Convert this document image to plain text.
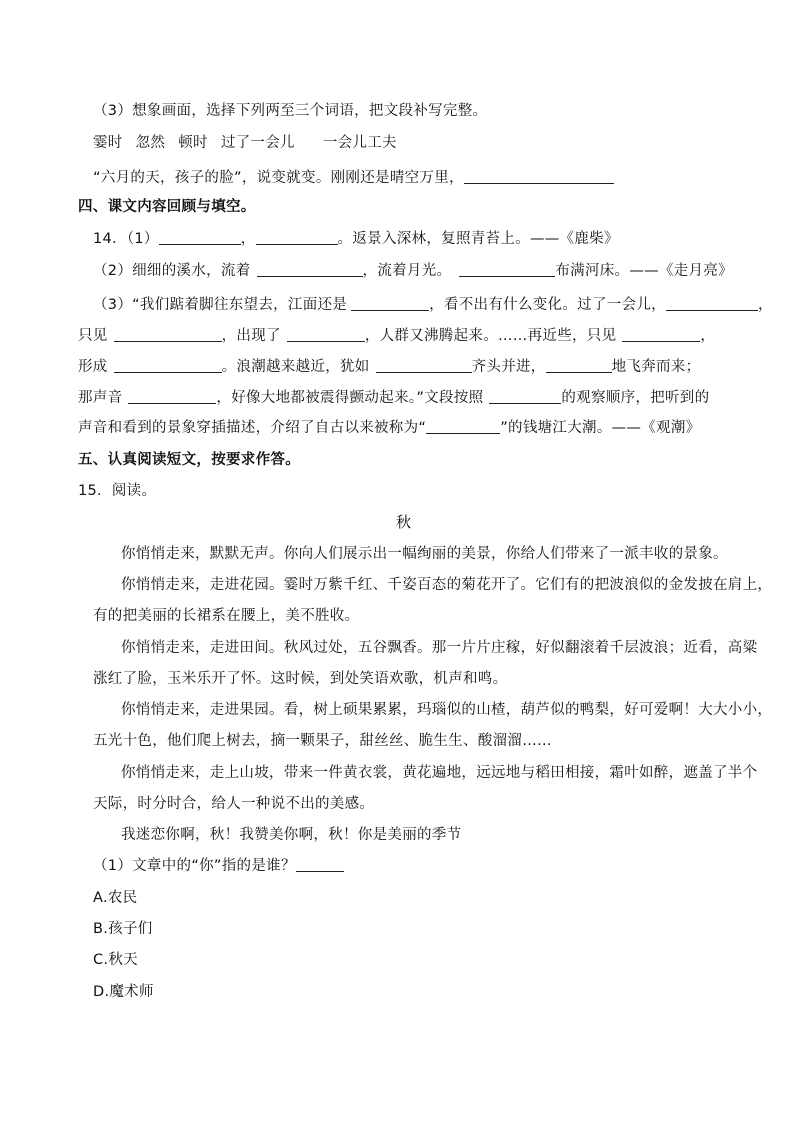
（3）想象画面，选择下列两至三个词语，把文段补写完整。
霎时 忽然 顿时 过了一会儿 一会儿工夫
“六月的天，孩子的脸”，说变就变。刚刚还是晴空万里，
四、课文内容回顾与填空。
14．（1）	，	。返景入深林，复照青苔上。——《鹿柴》
（2）细细的溪水，流着	，流着月光。	布满河床。——《走月亮》
（3）“我们踮着脚往东望去，江面还是	，看不出有什么变化。过了一会儿，	，
只见	，出现了	，人群又沸腾起来。……再近些，只见	，
形成	。浪潮越来越近，犹如	齐头并进，	地飞奔而来；
那声音	，好像大地都被震得颤动起来。”文段按照	的观察顺序，把听到的
声音和看到的景象穿插描述，介绍了自古以来被称为“	”的钱塘江大潮。——《观潮》
五、认真阅读短文，按要求作答。
15．阅读。
秋
你悄悄走来，默默无声。你向人们展示出一幅绚丽的美景，你给人们带来了一派丰收的景象。
你悄悄走来，走进花园。霎时万紫千红、千姿百态的菊花开了。它们有的把波浪似的金发披在肩上，
有的把美丽的长裙系在腰上，美不胜收。
你悄悄走来，走进田间。秋风过处，五谷飘香。那一片片庄稼，好似翻滚着千层波浪；近看，高粱
涨红了脸，玉米乐开了怀。这时候，到处笑语欢歌，机声和鸣。
你悄悄走来，走进果园。看，树上硕果累累，玛瑙似的山楂，葫芦似的鸭梨，好可爱啊！大大小小，
五光十色，他们爬上树去，摘一颗果子，甜丝丝、脆生生、酸溜溜……
你悄悄走来，走上山坡，带来一件黄衣裳，黄花遍地，远远地与稻田相接，霜叶如醉，遮盖了半个
天际，时分时合，给人一种说不出的美感。
我迷恋你啊，秋！我赞美你啊，秋！你是美丽的季节
（1）文章中的“你”指的是谁？
A.农民
B.孩子们
C.秋天
D.魔术师
